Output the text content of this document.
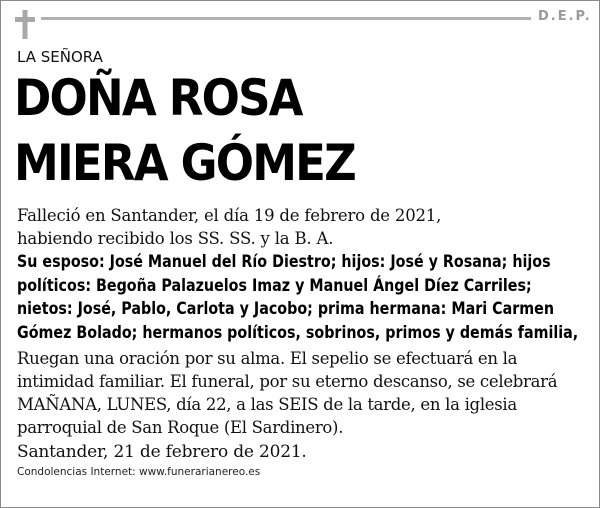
D.E.P.
LA SEÑORA
DOÑA ROSA
MIERA GÓMEZ
Falleció en Santander, el día 19 de febrero de 2021,
habiendo recibido los SS. SS. y la B. A.
Su esposo: José Manuel del Río Diestro; hijos: José y Rosana; hijos
políticos: Begoña Palazuelos Imaz y Manuel Ángel Díez Carriles;
nietos: José, Pablo, Carlota y Jacobo; prima hermana: Mari Carmen
Gómez Bolado; hermanos políticos, sobrinos, primos y demás familia,
Ruegan una oración por su alma. El sepelio se efectuará en la
intimidad familiar. El funeral, por su eterno descanso, se celebrará
MAÑANA, LUNES, día 22, a las SEIS de la tarde, en la iglesia
parroquial de San Roque (El Sardinero).
Santander, 21 de febrero de 2021.
Condolencias Internet: www.funerarianereo.es
